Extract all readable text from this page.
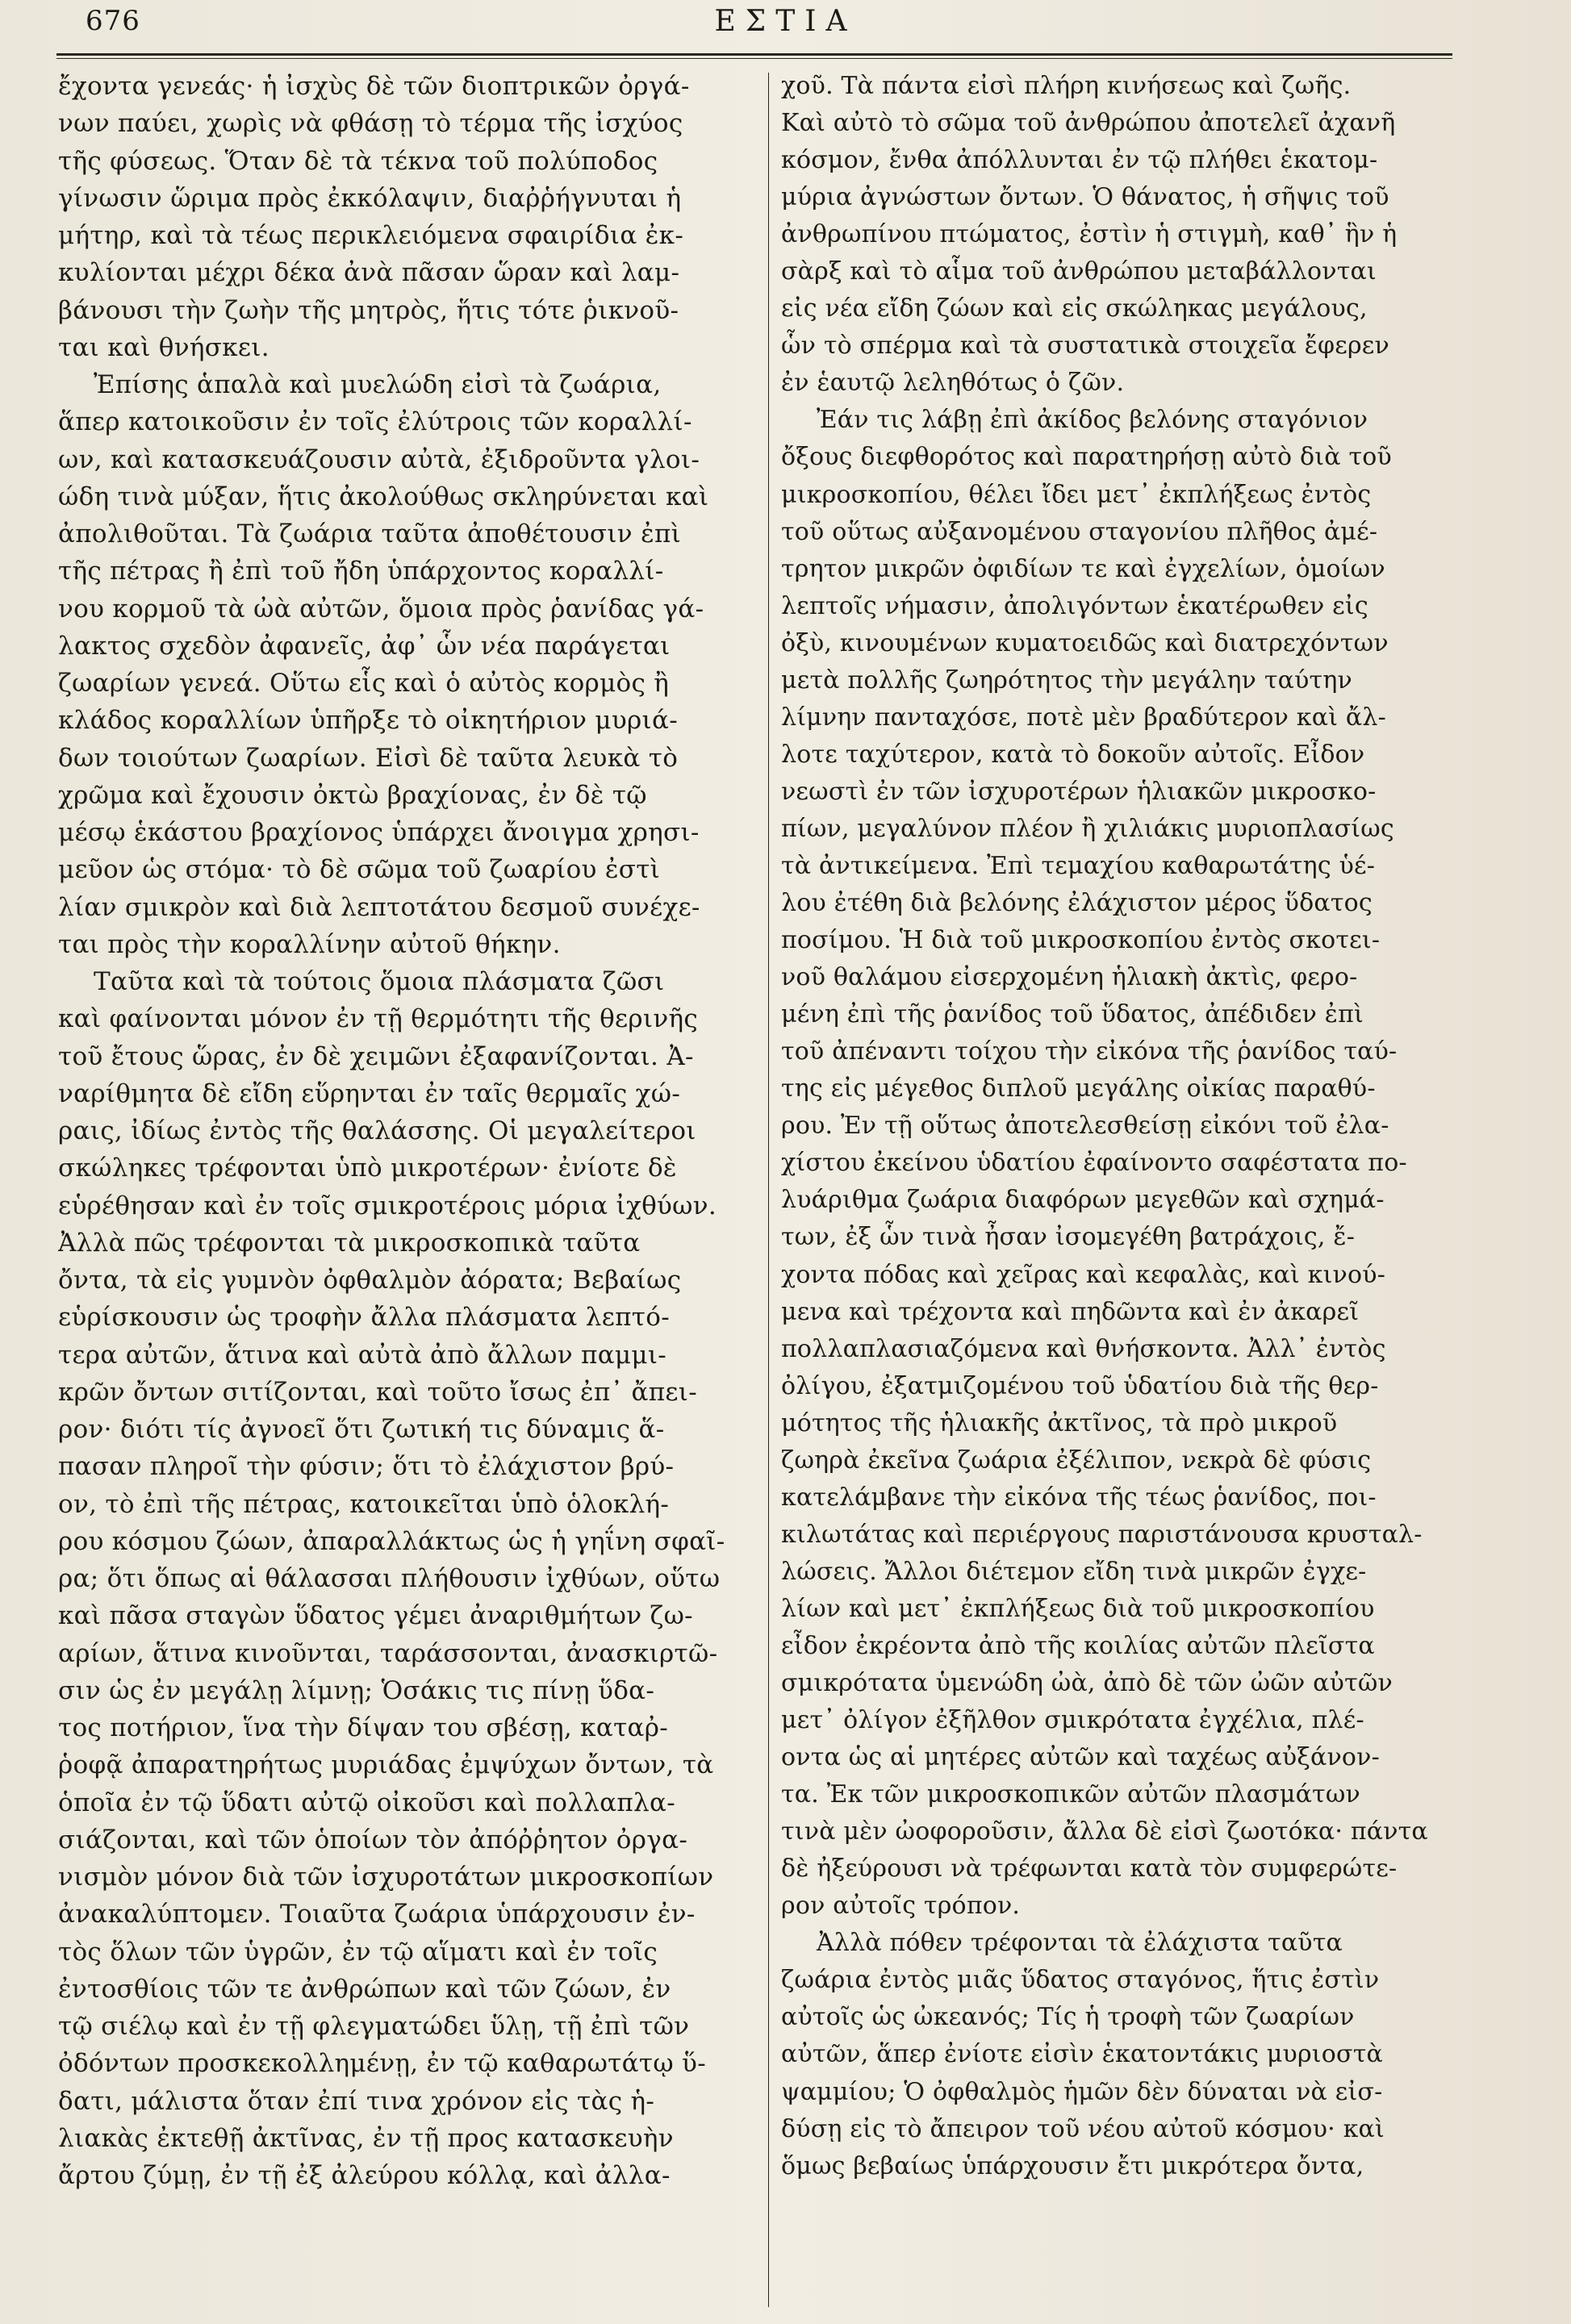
676	ΕΣΤΙΑ
ἔχοντα γενεάς· ἡ ἰσχὺς δὲ τῶν διοπτρικῶν ὀργά-
νων παύει, χωρὶς νὰ φθάσῃ τὸ τέρμα τῆς ἰσχύος
τῆς φύσεως. Ὅταν δὲ τὰ τέκνα τοῦ πολύποδος
γίνωσιν ὥριμα πρὸς ἐκκόλαψιν, διαῤῥήγνυται ἡ
μήτηρ, καὶ τὰ τέως περικλειόμενα σφαιρίδια ἐκ-
κυλίονται μέχρι δέκα ἀνὰ πᾶσαν ὥραν καὶ λαμ-
βάνουσι τὴν ζωὴν τῆς μητρὸς, ἥτις τότε ῥικνοῦ-
ται καὶ θνήσκει.
Ἐπίσης ἁπαλὰ καὶ μυελώδη εἰσὶ τὰ ζωάρια,
ἅπερ κατοικοῦσιν ἐν τοῖς ἐλύτροις τῶν κοραλλί-
ων, καὶ κατασκευάζουσιν αὐτὰ, ἐξιδροῦντα γλοι-
ώδη τινὰ μύξαν, ἥτις ἀκολούθως σκληρύνεται καὶ
ἀπολιθοῦται. Τὰ ζωάρια ταῦτα ἀποθέτουσιν ἐπὶ
τῆς πέτρας ἢ ἐπὶ τοῦ ἤδη ὑπάρχοντος κοραλλί-
νου κορμοῦ τὰ ὠὰ αὐτῶν, ὅμοια πρὸς ῥανίδας γά-
λακτος σχεδὸν ἀφανεῖς, ἀφ᾽ ὧν νέα παράγεται
ζωαρίων γενεά. Οὕτω εἷς καὶ ὁ αὐτὸς κορμὸς ἢ
κλάδος κοραλλίων ὑπῆρξε τὸ οἰκητήριον μυριά-
δων τοιούτων ζωαρίων. Εἰσὶ δὲ ταῦτα λευκὰ τὸ
χρῶμα καὶ ἔχουσιν ὀκτὼ βραχίονας, ἐν δὲ τῷ
μέσῳ ἑκάστου βραχίονος ὑπάρχει ἄνοιγμα χρησι-
μεῦον ὡς στόμα· τὸ δὲ σῶμα τοῦ ζωαρίου ἐστὶ
λίαν σμικρὸν καὶ διὰ λεπτοτάτου δεσμοῦ συνέχε-
ται πρὸς τὴν κοραλλίνην αὐτοῦ θήκην.
Ταῦτα καὶ τὰ τούτοις ὅμοια πλάσματα ζῶσι
καὶ φαίνονται μόνον ἐν τῇ θερμότητι τῆς θερινῆς
τοῦ ἔτους ὥρας, ἐν δὲ χειμῶνι ἐξαφανίζονται. Ἀ-
ναρίθμητα δὲ εἴδη εὕρηνται ἐν ταῖς θερμαῖς χώ-
ραις, ἰδίως ἐντὸς τῆς θαλάσσης. Οἱ μεγαλείτεροι
σκώληκες τρέφονται ὑπὸ μικροτέρων· ἐνίοτε δὲ
εὑρέθησαν καὶ ἐν τοῖς σμικροτέροις μόρια ἰχθύων.
Ἀλλὰ πῶς τρέφονται τὰ μικροσκοπικὰ ταῦτα
ὄντα, τὰ εἰς γυμνὸν ὀφθαλμὸν ἀόρατα; Βεβαίως
εὑρίσκουσιν ὡς τροφὴν ἄλλα πλάσματα λεπτό-
τερα αὐτῶν, ἅτινα καὶ αὐτὰ ἀπὸ ἄλλων παμμι-
κρῶν ὄντων σιτίζονται, καὶ τοῦτο ἴσως ἐπ᾽ ἄπει-
ρον· διότι τίς ἀγνοεῖ ὅτι ζωτική τις δύναμις ἅ-
πασαν πληροῖ τὴν φύσιν; ὅτι τὸ ἐλάχιστον βρύ-
ον, τὸ ἐπὶ τῆς πέτρας, κατοικεῖται ὑπὸ ὁλοκλή-
ρου κόσμου ζώων, ἀπαραλλάκτως ὡς ἡ γηΐνη σφαῖ-
ρα; ὅτι ὅπως αἱ θάλασσαι πλήθουσιν ἰχθύων, οὕτω
καὶ πᾶσα σταγὼν ὕδατος γέμει ἀναριθμήτων ζω-
αρίων, ἅτινα κινοῦνται, ταράσσονται, ἀνασκιρτῶ-
σιν ὡς ἐν μεγάλῃ λίμνῃ; Ὁσάκις τις πίνῃ ὕδα-
τος ποτήριον, ἵνα τὴν δίψαν του σβέσῃ, καταῤ-
ῥοφᾷ ἀπαρατηρήτως μυριάδας ἐμψύχων ὄντων, τὰ
ὁποῖα ἐν τῷ ὕδατι αὐτῷ οἰκοῦσι καὶ πολλαπλα-
σιάζονται, καὶ τῶν ὁποίων τὸν ἀπόῤῥητον ὀργα-
νισμὸν μόνον διὰ τῶν ἰσχυροτάτων μικροσκοπίων
ἀνακαλύπτομεν. Τοιαῦτα ζωάρια ὑπάρχουσιν ἐν-
τὸς ὅλων τῶν ὑγρῶν, ἐν τῷ αἵματι καὶ ἐν τοῖς
ἐντοσθίοις τῶν τε ἀνθρώπων καὶ τῶν ζώων, ἐν
τῷ σιέλῳ καὶ ἐν τῇ φλεγματώδει ὕλῃ, τῇ ἐπὶ τῶν
ὀδόντων προσκεκολλημένῃ, ἐν τῷ καθαρωτάτῳ ὕ-
δατι, μάλιστα ὅταν ἐπί τινα χρόνον εἰς τὰς ἡ-
λιακὰς ἐκτεθῇ ἀκτῖνας, ἐν τῇ προς κατασκευὴν
ἄρτου ζύμῃ, ἐν τῇ ἐξ ἀλεύρου κόλλᾳ, καὶ ἀλλα-
χοῦ. Τὰ πάντα εἰσὶ πλήρη κινήσεως καὶ ζωῆς.
Καὶ αὐτὸ τὸ σῶμα τοῦ ἀνθρώπου ἀποτελεῖ ἀχανῆ
κόσμον, ἔνθα ἀπόλλυνται ἐν τῷ πλήθει ἑκατομ-
μύρια ἀγνώστων ὄντων. Ὁ θάνατος, ἡ σῆψις τοῦ
ἀνθρωπίνου πτώματος, ἐστὶν ἡ στιγμὴ, καθ᾽ ἣν ἡ
σὰρξ καὶ τὸ αἷμα τοῦ ἀνθρώπου μεταβάλλονται
εἰς νέα εἴδη ζώων καὶ εἰς σκώληκας μεγάλους,
ὧν τὸ σπέρμα καὶ τὰ συστατικὰ στοιχεῖα ἔφερεν
ἐν ἑαυτῷ λεληθότως ὁ ζῶν.
Ἐάν τις λάβῃ ἐπὶ ἀκίδος βελόνης σταγόνιον
ὄξους διεφθορότος καὶ παρατηρήσῃ αὐτὸ διὰ τοῦ
μικροσκοπίου, θέλει ἴδει μετ᾽ ἐκπλήξεως ἐντὸς
τοῦ οὕτως αὐξανομένου σταγονίου πλῆθος ἀμέ-
τρητον μικρῶν ὀφιδίων τε καὶ ἐγχελίων, ὁμοίων
λεπτοῖς νήμασιν, ἀπολιγόντων ἑκατέρωθεν εἰς
ὀξὺ, κινουμένων κυματοειδῶς καὶ διατρεχόντων
μετὰ πολλῆς ζωηρότητος τὴν μεγάλην ταύτην
λίμνην πανταχόσε, ποτὲ μὲν βραδύτερον καὶ ἄλ-
λοτε ταχύτερον, κατὰ τὸ δοκοῦν αὐτοῖς. Εἶδον
νεωστὶ ἐν τῶν ἰσχυροτέρων ἡλιακῶν μικροσκο-
πίων, μεγαλύνον πλέον ἢ χιλιάκις μυριοπλασίως
τὰ ἀντικείμενα. Ἐπὶ τεμαχίου καθαρωτάτης ὑέ-
λου ἐτέθη διὰ βελόνης ἐλάχιστον μέρος ὕδατος
ποσίμου. Ἡ διὰ τοῦ μικροσκοπίου ἐντὸς σκοτει-
νοῦ θαλάμου εἰσερχομένη ἡλιακὴ ἀκτὶς, φερο-
μένη ἐπὶ τῆς ῥανίδος τοῦ ὕδατος, ἀπέδιδεν ἐπὶ
τοῦ ἀπέναντι τοίχου τὴν εἰκόνα τῆς ῥανίδος ταύ-
της εἰς μέγεθος διπλοῦ μεγάλης οἰκίας παραθύ-
ρου. Ἐν τῇ οὕτως ἀποτελεσθείσῃ εἰκόνι τοῦ ἐλα-
χίστου ἐκείνου ὑδατίου ἐφαίνοντο σαφέστατα πο-
λυάριθμα ζωάρια διαφόρων μεγεθῶν καὶ σχημά-
των, ἐξ ὧν τινὰ ἦσαν ἰσομεγέθη βατράχοις, ἔ-
χοντα πόδας καὶ χεῖρας καὶ κεφαλὰς, καὶ κινού-
μενα καὶ τρέχοντα καὶ πηδῶντα καὶ ἐν ἀκαρεῖ
πολλαπλασιαζόμενα καὶ θνήσκοντα. Ἀλλ᾽ ἐντὸς
ὀλίγου, ἐξατμιζομένου τοῦ ὑδατίου διὰ τῆς θερ-
μότητος τῆς ἡλιακῆς ἀκτῖνος, τὰ πρὸ μικροῦ
ζωηρὰ ἐκεῖνα ζωάρια ἐξέλιπον, νεκρὰ δὲ φύσις
κατελάμβανε τὴν εἰκόνα τῆς τέως ῥανίδος, ποι-
κιλωτάτας καὶ περιέργους παριστάνουσα κρυσταλ-
λώσεις. Ἄλλοι διέτεμον εἴδη τινὰ μικρῶν ἐγχε-
λίων καὶ μετ᾽ ἐκπλήξεως διὰ τοῦ μικροσκοπίου
εἶδον ἐκρέοντα ἀπὸ τῆς κοιλίας αὐτῶν πλεῖστα
σμικρότατα ὑμενώδη ὠὰ, ἀπὸ δὲ τῶν ὠῶν αὐτῶν
μετ᾽ ὀλίγον ἐξῆλθον σμικρότατα ἐγχέλια, πλέ-
οντα ὡς αἱ μητέρες αὐτῶν καὶ ταχέως αὐξάνον-
τα. Ἐκ τῶν μικροσκοπικῶν αὐτῶν πλασμάτων
τινὰ μὲν ὠοφοροῦσιν, ἄλλα δὲ εἰσὶ ζωοτόκα· πάντα
δὲ ἠξεύρουσι νὰ τρέφωνται κατὰ τὸν συμφερώτε-
ρον αὐτοῖς τρόπον.
Ἀλλὰ πόθεν τρέφονται τὰ ἐλάχιστα ταῦτα
ζωάρια ἐντὸς μιᾶς ὕδατος σταγόνος, ἥτις ἐστὶν
αὐτοῖς ὡς ὠκεανός; Τίς ἡ τροφὴ τῶν ζωαρίων
αὐτῶν, ἅπερ ἐνίοτε εἰσὶν ἑκατοντάκις μυριοστὰ
ψαμμίου; Ὁ ὀφθαλμὸς ἡμῶν δὲν δύναται νὰ εἰσ-
δύσῃ εἰς τὸ ἄπειρον τοῦ νέου αὐτοῦ κόσμου· καὶ
ὅμως βεβαίως ὑπάρχουσιν ἔτι μικρότερα ὄντα,
